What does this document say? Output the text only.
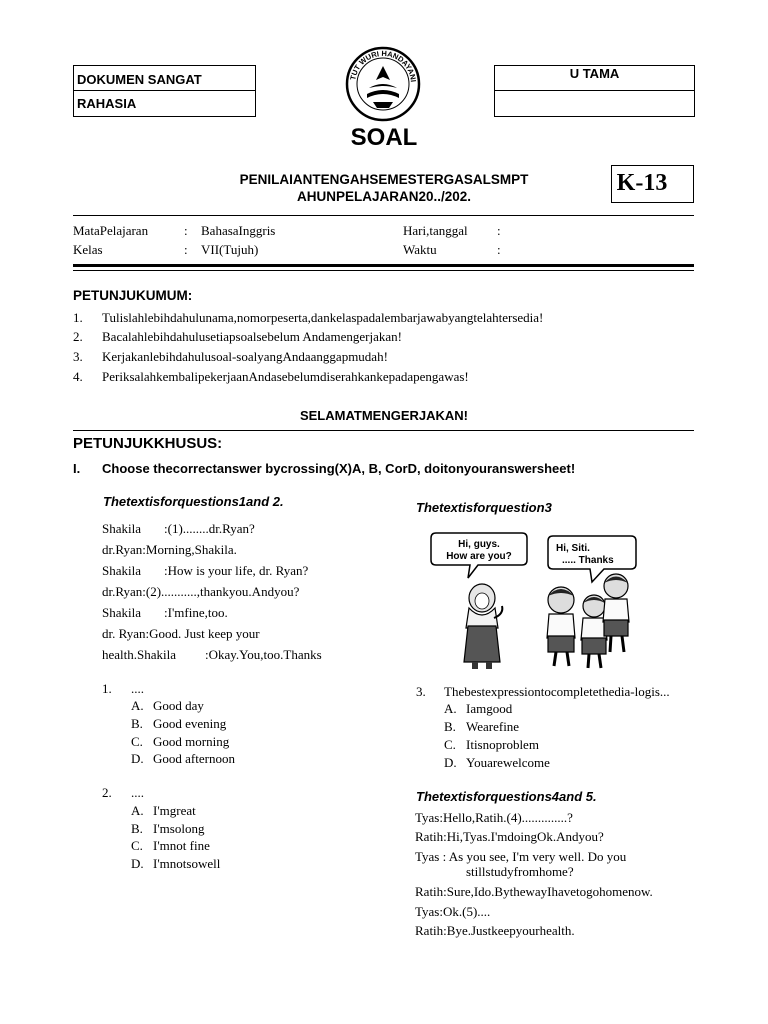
DOKUMEN SANGAT
RAHASIA
U TAMA
TUT WURI HANDAYANI
SOAL
PENILAIANTENGAHSEMESTERGASALSMPT
AHUNPELAJARAN20../202.
K-13
MataPelajaran	: BahasaInggris	Hari,tanggal :
Kelas	: VII(Tujuh)	Waktu	:
PETUNJUKUMUM:
1. Tulislahlebihdahulunama,nomorpeserta,dankelaspadalembarjawabyangtelahtersedia!
2. Bacalahlebihdahulusetiapsoalsebelum Andamengerjakan!
3. Kerjakanlebihdahulusoal-soalyangAndaanggapmudah!
4. PeriksalahkembalipekerjaanAndasebelumdiserahkankepadapengawas!
SELAMATMENGERJAKAN!
PETUNJUKKHUSUS:
I. Choose thecorrectanswer bycrossing(X)A, B, CorD, doitonyouranswersheet!
Thetextisforquestions1and 2.
Shakila :(1)........dr.Ryan?
dr.Ryan:Morning,Shakila.
Shakila :How is your life, dr. Ryan?
dr.Ryan:(2)...........,thankyou.Andyou?
Shakila :I'mfine,too.
dr. Ryan:Good. Just keep your
health.Shakila :Okay.You,too.Thanks
1. ....
A. Good day
B. Good evening
C. Good morning
D. Good afternoon
2. ....
A. I'mgreat
B. I'msolong
C. I'mnot fine
D. I'mnotsowell
Thetextisforquestion3
Hi, guys.
How are you?
Hi, Siti.
..... Thanks
3. Thebestexpressiontocompletethedia-logis...
A. Iamgood
B. Wearefine
C. Itisnoproblem
D. Youarewelcome
Thetextisforquestions4and 5.
Tyas:Hello,Ratih.(4)..............?
Ratih:Hi,Tyas.I'mdoingOk.Andyou?
Tyas : As you see, I'm very well. Do you
stillstudyfromhome?
Ratih:Sure,Ido.BythewayIhavetogohomenow.
Tyas:Ok.(5)....
Ratih:Bye.Justkeepyourhealth.
